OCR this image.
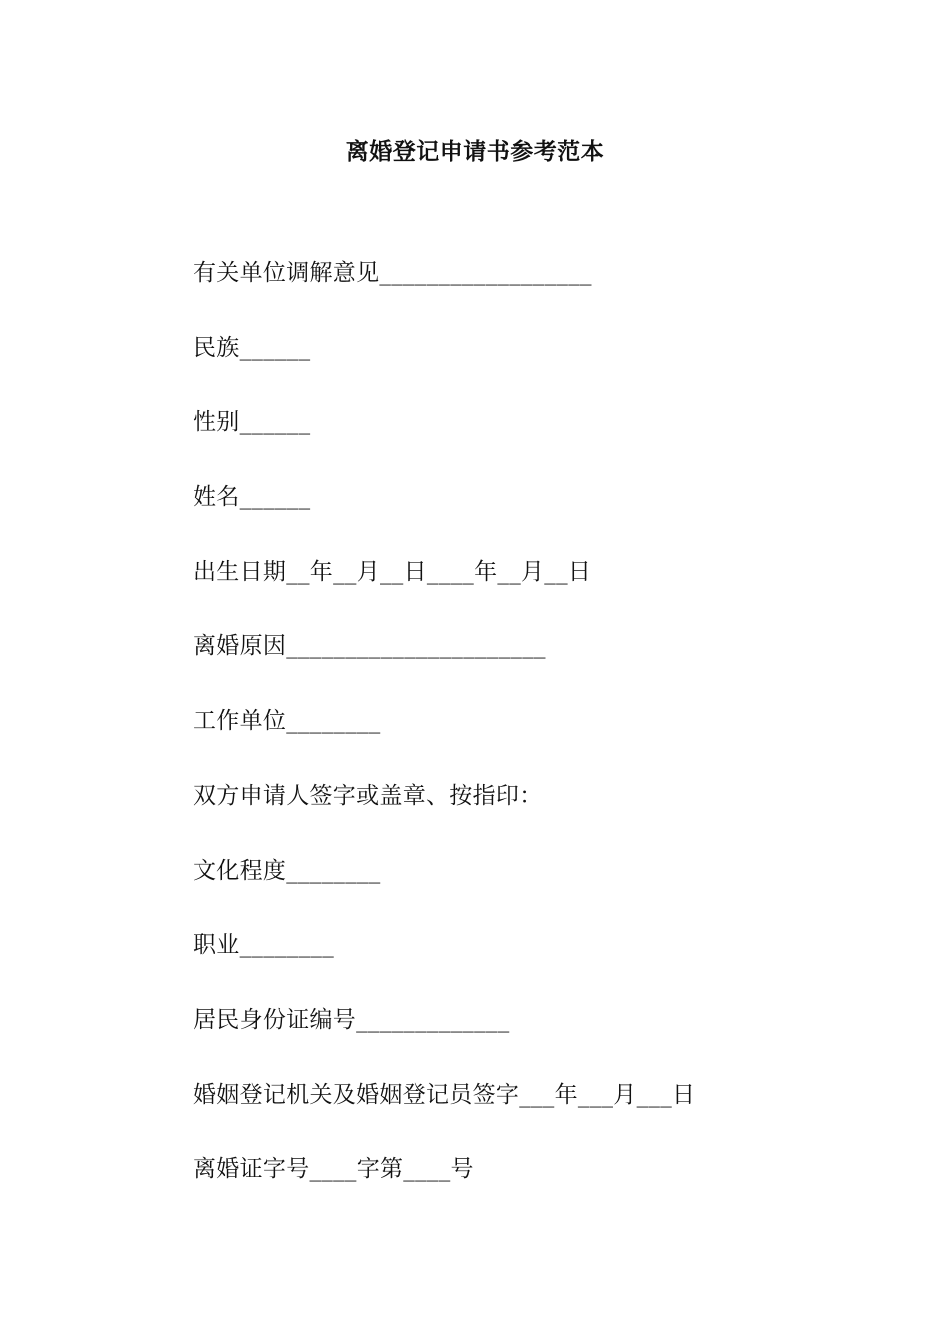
离婚登记申请书参考范本
有关单位调解意见__________________
民族______
性别______
姓名______
出生日期__年__月__日____年__月__日
离婚原因______________________
工作单位________
双方申请人签字或盖章、按指印：
文化程度________
职业________
居民身份证编号_____________
婚姻登记机关及婚姻登记员签字___年___月___日
离婚证字号____字第____号
